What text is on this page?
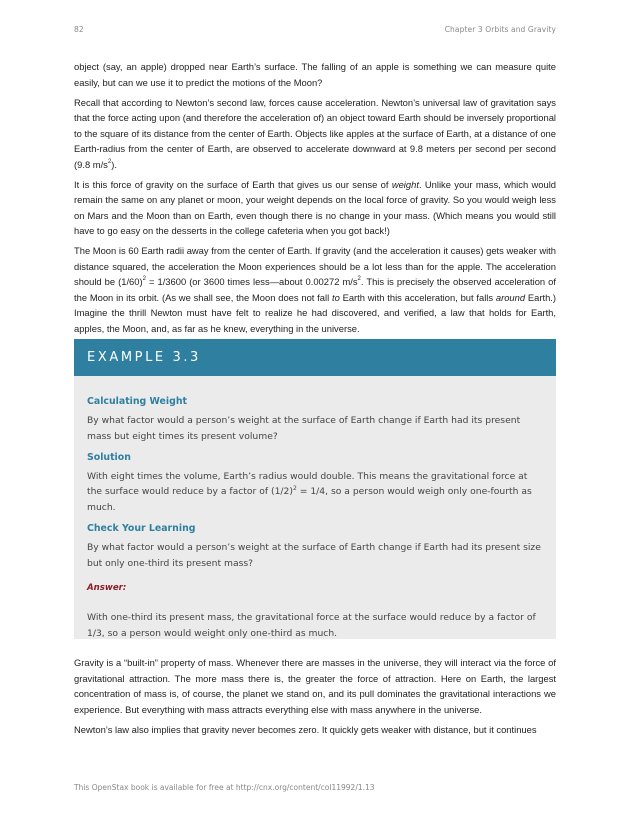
82	Chapter 3 Orbits and Gravity

object (say, an apple) dropped near Earth’s surface. The falling of an apple is something we can measure quite easily, but can we use it to predict the motions of the Moon?

Recall that according to Newton’s second law, forces cause acceleration. Newton’s universal law of gravitation says that the force acting upon (and therefore the acceleration of) an object toward Earth should be inversely proportional to the square of its distance from the center of Earth. Objects like apples at the surface of Earth, at a distance of one Earth-radius from the center of Earth, are observed to accelerate downward at 9.8 meters per second per second (9.8 $m/s^2$).

It is this force of gravity on the surface of Earth that gives us our sense of weight. Unlike your mass, which would remain the same on any planet or moon, your weight depends on the local force of gravity. So you would weigh less on Mars and the Moon than on Earth, even though there is no change in your mass. (Which means you would still have to go easy on the desserts in the college cafeteria when you got back!)

The Moon is 60 Earth radii away from the center of Earth. If gravity (and the acceleration it causes) gets weaker with distance squared, the acceleration the Moon experiences should be a lot less than for the apple. The acceleration should be $(1/60)^2 = 1/3600$ (or 3600 times less—about 0.00272 $m/s^2$. This is precisely the observed acceleration of the Moon in its orbit. (As we shall see, the Moon does not fall to Earth with this acceleration, but falls around Earth.) Imagine the thrill Newton must have felt to realize he had discovered, and verified, a law that holds for Earth, apples, the Moon, and, as far as he knew, everything in the universe.

EXAMPLE 3.3
Calculating Weight
By what factor would a person’s weight at the surface of Earth change if Earth had its present mass but eight times its present volume?
Solution
With eight times the volume, Earth’s radius would double. This means the gravitational force at the surface would reduce by a factor of $(1/2)^2 = 1/4$, so a person would weigh only one-fourth as much.
Check Your Learning
By what factor would a person’s weight at the surface of Earth change if Earth had its present size but only one-third its present mass?
Answer:
With one-third its present mass, the gravitational force at the surface would reduce by a factor of 1/3, so a person would weight only one-third as much.

Gravity is a “built-in” property of mass. Whenever there are masses in the universe, they will interact via the force of gravitational attraction. The more mass there is, the greater the force of attraction. Here on Earth, the largest concentration of mass is, of course, the planet we stand on, and its pull dominates the gravitational interactions we experience. But everything with mass attracts everything else with mass anywhere in the universe.

Newton’s law also implies that gravity never becomes zero. It quickly gets weaker with distance, but it continues

This OpenStax book is available for free at http://cnx.org/content/col11992/1.13
